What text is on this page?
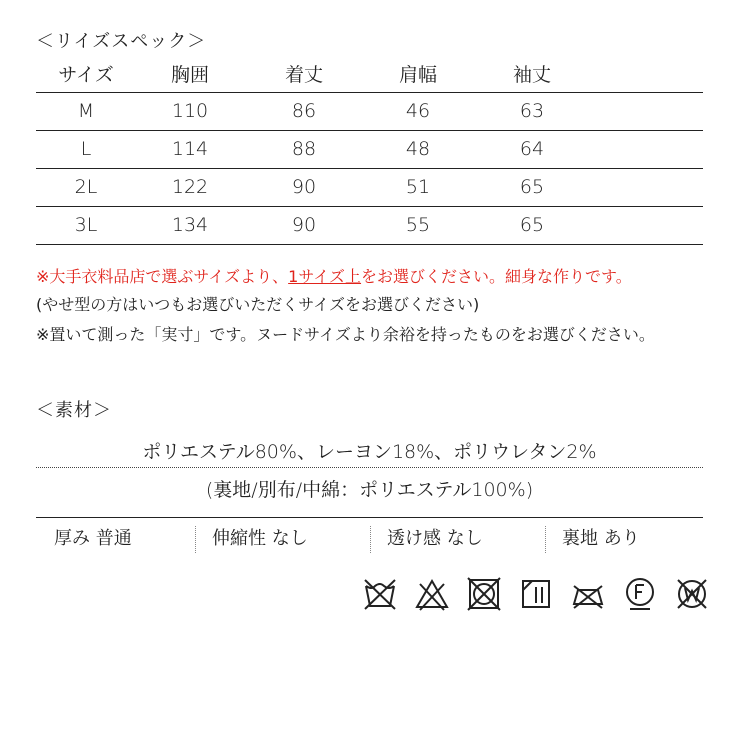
＜リイズスペック＞
サイズ	胸囲	着丈	肩幅	袖丈
M	110	86	46	63
L	114	88	48	64
2L	122	90	51	65
3L	134	90	55	65
※大手衣料品店で選ぶサイズより、1サイズ上をお選びください。細身な作りです。
(やせ型の方はいつもお選びいただくサイズをお選びください)
※置いて測った「実寸」です。ヌードサイズより余裕を持ったものをお選びください。
＜素材＞
ポリエステル80%、レーヨン18%、ポリウレタン2%
(裏地/別布/中綿：ポリエステル100%)
厚み 普通	伸縮性 なし	透け感 なし	裏地 あり
